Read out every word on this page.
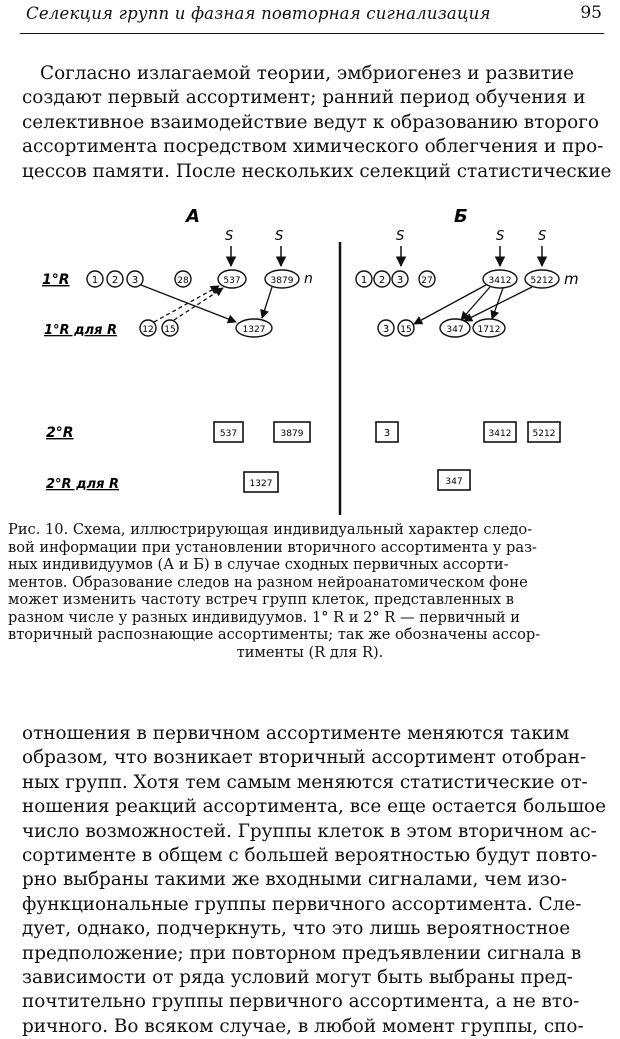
Селекция групп и фазная повторная сигнализация	95
Согласно излагаемой теории, эмбриогенез и развитие
создают первый ассортимент; ранний период обучения и
селективное взаимодействие ведут к образованию второго
ассортимента посредством химического облегчения и про-
цессов памяти. После нескольких селекций статистические
А	Б
1°R
1°R для R
2°R
2°R для R
S	S
1 2 3	28	537	3879 n
12 15	1327
537	3879
1327
S	S	S
1 2 3 27	3412 5212 m
3 15	347 1712
3	3412 5212
347
Рис. 10. Схема, иллюстрирующая индивидуальный характер следо-
вой информации при установлении вторичного ассортимента у раз-
ных индивидуумов (А и Б) в случае сходных первичных ассорти-
ментов. Образование следов на разном нейроанатомическом фоне
может изменить частоту встреч групп клеток, представленных в
разном числе у разных индивидуумов. 1° R и 2° R — первичный и
вторичный распознающие ассортименты; так же обозначены ассор-
тименты (R для R).
отношения в первичном ассортименте меняются таким
образом, что возникает вторичный ассортимент отобран-
ных групп. Хотя тем самым меняются статистические от-
ношения реакций ассортимента, все еще остается большое
число возможностей. Группы клеток в этом вторичном ас-
сортименте в общем с большей вероятностью будут повто-
рно выбраны такими же входными сигналами, чем изо-
функциональные группы первичного ассортимента. Сле-
дует, однако, подчеркнуть, что это лишь вероятностное
предположение; при повторном предъявлении сигнала в
зависимости от ряда условий могут быть выбраны пред-
почтительно группы первичного ассортимента, а не вто-
ричного. Во всяком случае, в любой момент группы, спо-
